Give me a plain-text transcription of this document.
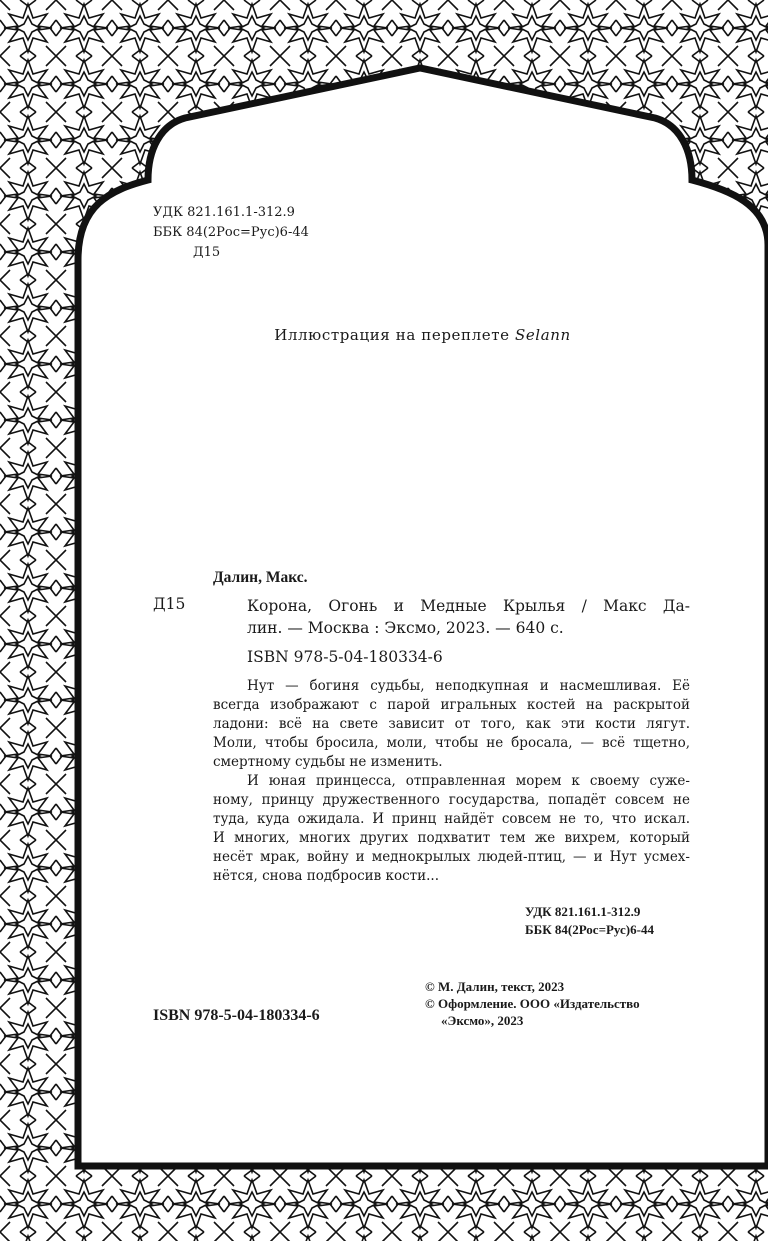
УДК 821.161.1-312.9
ББК 84(2Рос=Рус)6-44
Д15
Иллюстрация на переплете Selann
Далин, Макс.
Д15	Корона, Огонь и Медные Крылья / Макс Да-
лин. — Москва : Эксмо, 2023. — 640 с.
ISBN 978-5-04-180334-6
Нут — богиня судьбы, неподкупная и насмешливая. Её
всегда изображают с парой игральных костей на раскрытой
ладони: всё на свете зависит от того, как эти кости лягут.
Моли, чтобы бросила, моли, чтобы не бросала, — всё тщетно,
смертному судьбы не изменить.
И юная принцесса, отправленная морем к своему суже-
ному, принцу дружественного государства, попадёт совсем не
туда, куда ожидала. И принц найдёт совсем не то, что искал.
И многих, многих других подхватит тем же вихрем, который
несёт мрак, войну и меднокрылых людей-птиц, — и Нут усмех-
нётся, снова подбросив кости...
УДК 821.161.1-312.9
ББК 84(2Рос=Рус)6-44
© М. Далин, текст, 2023
© Оформление. ООО «Издательство
«Эксмо», 2023
ISBN 978-5-04-180334-6
